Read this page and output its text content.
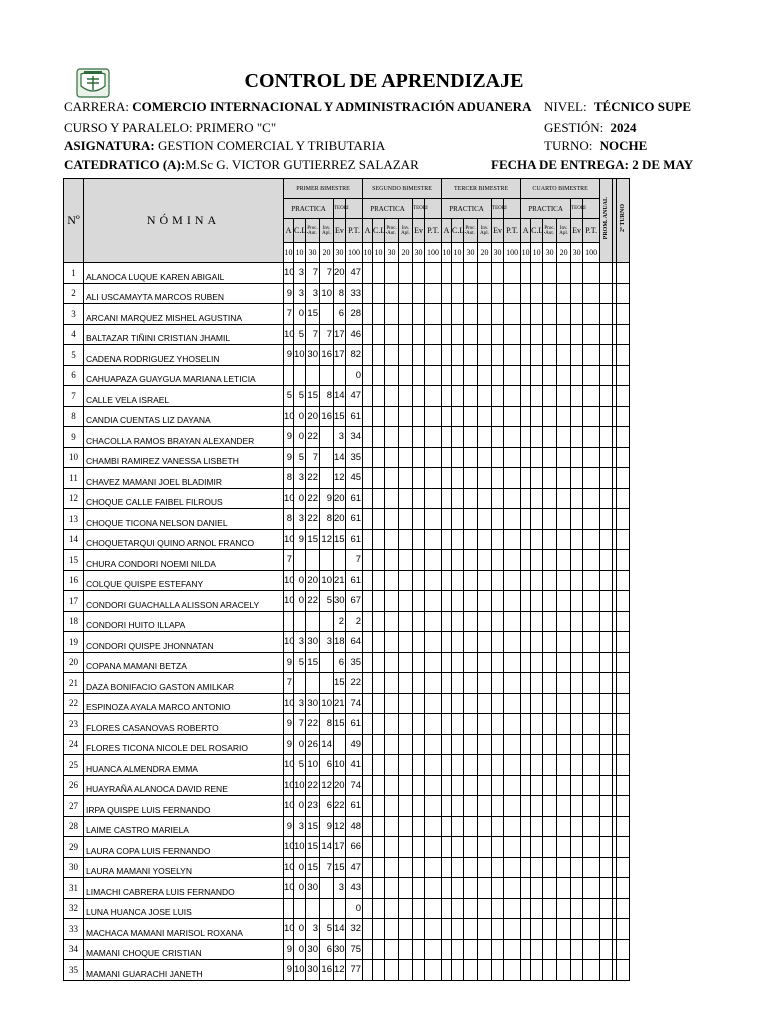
CONTROL DE APRENDIZAJE
CARRERA: COMERCIO INTERNACIONAL Y ADMINISTRACIÓN ADUANERA NIVEL: TÉCNICO SUPE
CURSO Y PARALELO: PRIMERO "C"	GESTIÓN: 2024
ASIGNATURA: GESTION COMERCIAL Y TRIBUTARIA	TURNO: NOCHE
CATEDRATICO (A):M.Sc G. VICTOR GUTIERREZ SALAZAR	FECHA DE ENTREGA: 2 DE MAY
Nº	NÓMINA	PRIMER BIMESTRE						SEGUNDO BIMESTRE						TERCER BIMESTRE						CUARTO BIMESTRE						PROM. ANUAL		2º TURNO	
		PRACTICA				TEORI		PRACTICA				TEORI		PRACTICA				TEORI		PRACTICA				TEORI					
		A	C.L.	Proc. Aut.	Inv. Apl.	Ev	P.T.	A	C.L.	Proc. Aut.	Inv. Apl.	Ev	P.T.	A	C.L.	Proc. Aut.	Inv. Apl.	Ev	P.T.	A	C.L.	Proc. Aut.	Inv. Apl.	Ev	P.T.				
		10	10	30	20	30	100	10	10	30	20	30	100	10	10	30	20	30	100	10	10	30	20	30	100				
1	ALANOCA LUQUE KAREN ABIGAIL	10	3	7	7	20	47																						
2	ALI USCAMAYTA MARCOS RUBEN	9	3	3	10	8	33																						
3	ARCANI MARQUEZ MISHEL AGUSTINA	7	0	15		6	28																						
4	BALTAZAR TIÑINI CRISTIAN JHAMIL	10	5	7	7	17	46																						
5	CADENA RODRIGUEZ YHOSELIN	9	10	30	16	17	82																						
6	CAHUAPAZA GUAYGUA MARIANA LETICIA						0																						
7	CALLE VELA ISRAEL	5	5	15	8	14	47																						
8	CANDIA CUENTAS LIZ DAYANA	10	0	20	16	15	61																						
9	CHACOLLA RAMOS BRAYAN ALEXANDER	9	0	22		3	34																						
10	CHAMBI RAMIREZ VANESSA LISBETH	9	5	7		14	35																						
11	CHAVEZ MAMANI JOEL BLADIMIR	8	3	22		12	45																						
12	CHOQUE CALLE FAIBEL FILROUS	10	0	22	9	20	61																						
13	CHOQUE TICONA NELSON DANIEL	8	3	22	8	20	61																						
14	CHOQUETARQUI QUINO ARNOL FRANCO	10	9	15	12	15	61																						
15	CHURA CONDORI NOEMI NILDA	7					7																						
16	COLQUE QUISPE ESTEFANY	10	0	20	10	21	61																						
17	CONDORI GUACHALLA ALISSON ARACELY	10	0	22	5	30	67																						
18	CONDORI HUITO ILLAPA					2	2																						
19	CONDORI QUISPE JHONNATAN	10	3	30	3	18	64																						
20	COPANA MAMANI BETZA	9	5	15		6	35																						
21	DAZA BONIFACIO GASTON AMILKAR	7				15	22																						
22	ESPINOZA AYALA MARCO ANTONIO	10	3	30	10	21	74																						
23	FLORES CASANOVAS ROBERTO	9	7	22	8	15	61																						
24	FLORES TICONA NICOLE DEL ROSARIO	9	0	26	14		49																						
25	HUANCA ALMENDRA EMMA	10	5	10	6	10	41																						
26	HUAYRAÑA ALANOCA DAVID RENE	10	10	22	12	20	74																						
27	IRPA QUISPE LUIS FERNANDO	10	0	23	6	22	61																						
28	LAIME CASTRO MARIELA	9	3	15	9	12	48																						
29	LAURA COPA LUIS FERNANDO	10	10	15	14	17	66																						
30	LAURA MAMANI YOSELYN	10	0	15	7	15	47																						
31	LIMACHI CABRERA LUIS FERNANDO	10	0	30		3	43																						
32	LUNA HUANCA JOSE LUIS						0																						
33	MACHACA MAMANI MARISOL ROXANA	10	0	3	5	14	32																						
34	MAMANI CHOQUE CRISTIAN	9	0	30	6	30	75																						
35	MAMANI GUARACHI JANETH	9	10	30	16	12	77																						
